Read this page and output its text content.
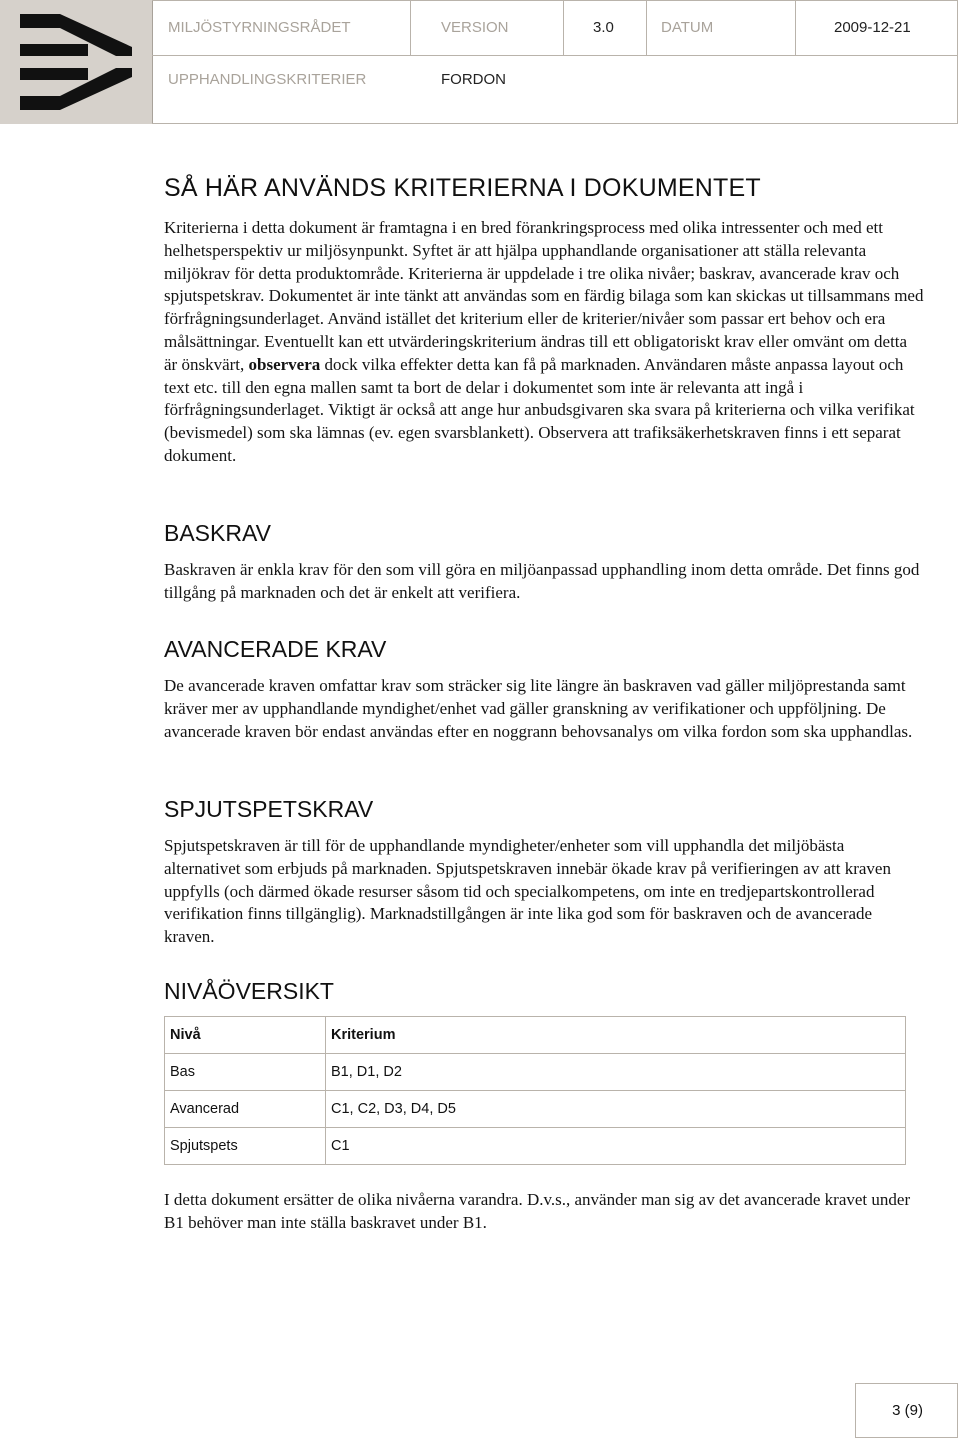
MILJÖSTYRNINGSRÅDET	VERSION	3.0	DATUM	2009-12-21
UPPHANDLINGSKRITERIER	FORDON
SÅ HÄR ANVÄNDS KRITERIERNA I DOKUMENTET

Kriterierna i detta dokument är framtagna i en bred förankringsprocess med olika intressenter och med ett helhetsperspektiv ur miljösynpunkt. Syftet är att hjälpa upphandlande organisationer att ställa relevanta miljökrav för detta produktområde. Kriterierna är uppdelade i tre olika nivåer; baskrav, avancerade krav och spjutspetskrav. Dokumentet är inte tänkt att användas som en färdig bilaga som kan skickas ut tillsammans med förfrågningsunderlaget. Använd istället det kriterium eller de kriterier/nivåer som passar ert behov och era målsättningar. Eventuellt kan ett utvärderingskriterium ändras till ett obligatoriskt krav eller omvänt om detta är önskvärt, observera dock vilka effekter detta kan få på marknaden. Användaren måste anpassa layout och text etc. till den egna mallen samt ta bort de delar i dokumentet som inte är relevanta att ingå i förfrågningsunderlaget. Viktigt är också att ange hur anbudsgivaren ska svara på kriterierna och vilka verifikat (bevismedel) som ska lämnas (ev. egen svarsblankett). Observera att trafiksäkerhetskraven finns i ett separat dokument.

BASKRAV

Baskraven är enkla krav för den som vill göra en miljöanpassad upphandling inom detta område. Det finns god tillgång på marknaden och det är enkelt att verifiera.

AVANCERADE KRAV

De avancerade kraven omfattar krav som sträcker sig lite längre än baskraven vad gäller miljöprestanda samt kräver mer av upphandlande myndighet/enhet vad gäller granskning av verifikationer och uppföljning. De avancerade kraven bör endast användas efter en noggrann behovsanalys om vilka fordon som ska upphandlas.

SPJUTSPETSKRAV

Spjutspetskraven är till för de upphandlande myndigheter/enheter som vill upphandla det miljöbästa alternativet som erbjuds på marknaden. Spjutspetskraven innebär ökade krav på verifieringen av att kraven uppfylls (och därmed ökade resurser såsom tid och specialkompetens, om inte en tredjepartskontrollerad verifikation finns tillgänglig). Marknadstillgången är inte lika god som för baskraven och de avancerade kraven.

NIVÅÖVERSIKT
Nivå	Kriterium
Bas	B1, D1, D2
Avancerad	C1, C2, D3, D4, D5
Spjutspets	C1

I detta dokument ersätter de olika nivåerna varandra. D.v.s., använder man sig av det avancerade kravet under B1 behöver man inte ställa baskravet under B1.

3 (9)
